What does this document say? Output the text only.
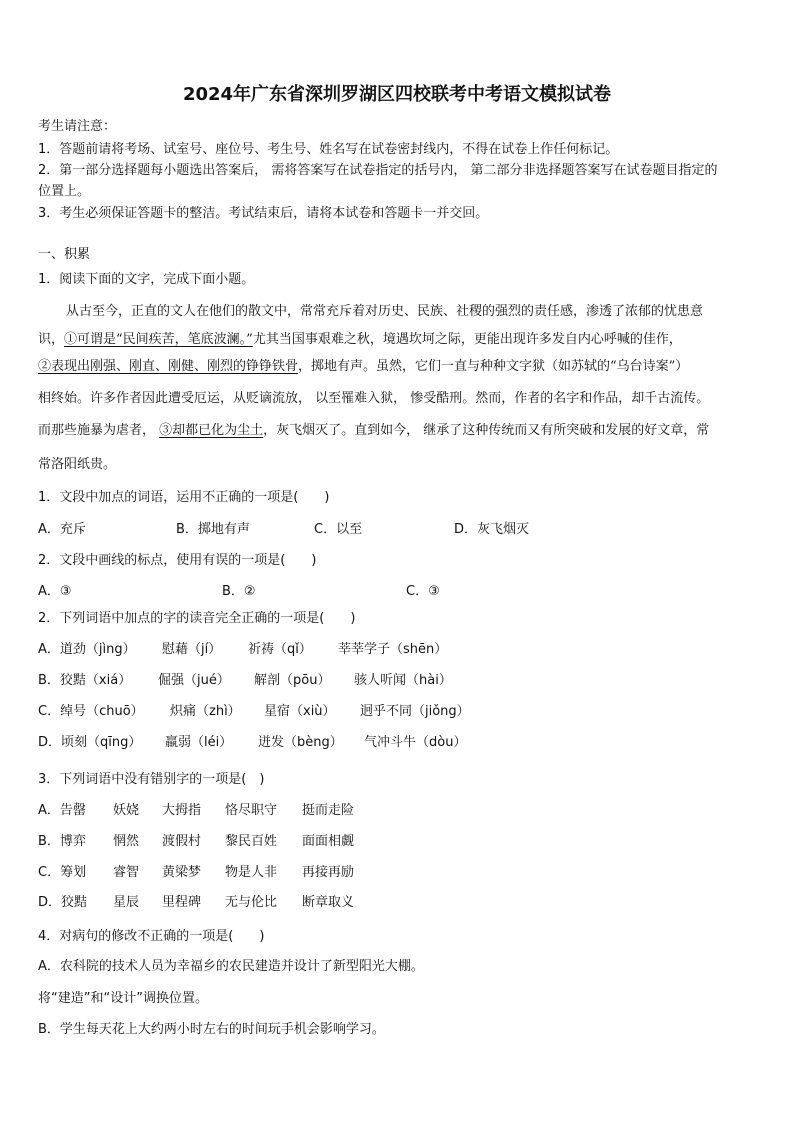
2024年广东省深圳罗湖区四校联考中考语文模拟试卷
考生请注意：
1．答题前请将考场、试室号、座位号、考生号、姓名写在试卷密封线内，不得在试卷上作任何标记。
2．第一部分选择题每小题选出答案后， 需将答案写在试卷指定的括号内， 第二部分非选择题答案写在试卷题目指定的
位置上。
3．考生必须保证答题卡的整洁。考试结束后，请将本试卷和答题卡一并交回。
一、积累
1．阅读下面的文字，完成下面小题。
从古至今，正直的文人在他们的散文中，常常充斥着对历史、民族、社稷的强烈的责任感，渗透了浓郁的忧患意
识，①可谓是“民间疾苦，笔底波澜。”尤其当国事艰难之秋，境遇坎坷之际，更能出现许多发自内心呼喊的佳作，
②表现出刚强、刚直、刚健、刚烈的铮铮铁骨，掷地有声。虽然，它们一直与种种文字狱（如苏轼的“乌台诗案”）
相终始。许多作者因此遭受厄运，从贬谪流放， 以至罹难入狱， 惨受酷刑。然而，作者的名字和作品，却千古流传。
而那些施暴为虐者， ③却都已化为尘土，灰飞烟灭了。直到如今， 继承了这种传统而又有所突破和发展的好文章，常
常洛阳纸贵。
1．文段中加点的词语，运用不正确的一项是(　　)
A．充斥	B．掷地有声	C．以至	D．灰飞烟灭
2．文段中画线的标点，使用有误的一项是(　　)
A．③	B．②	C．③
2．下列词语中加点的字的读音完全正确的一项是(　　)
A．道劲（jìng） 慰藉（jí） 祈祷（qǐ） 莘莘学子（shēn）
B．狡黠（xiá） 倔强（jué） 解剖（pōu） 骇人听闻（hài）
C．绰号（chuō） 炽痛（zhì） 星宿（xiù） 迥乎不同（jiǒng）
D．顷刻（qīng） 羸弱（léi） 迸发（bèng） 气冲斗牛（dòu）
3．下列词语中没有错别字的一项是(　)
A．告罄 妖娆 大拇指 恪尽职守 挺而走险
B．博弈 惘然 渡假村 黎民百姓 面面相觑
C．筹划 睿智 黄梁梦 物是人非 再接再励
D．狡黠 星辰 里程碑 无与伦比 断章取义
4．对病句的修改不正确的一项是(　　)
A．农科院的技术人员为幸福乡的农民建造并设计了新型阳光大棚。
将“建造”和“设计”调换位置。
B．学生每天花上大约两小时左右的时间玩手机会影响学习。
